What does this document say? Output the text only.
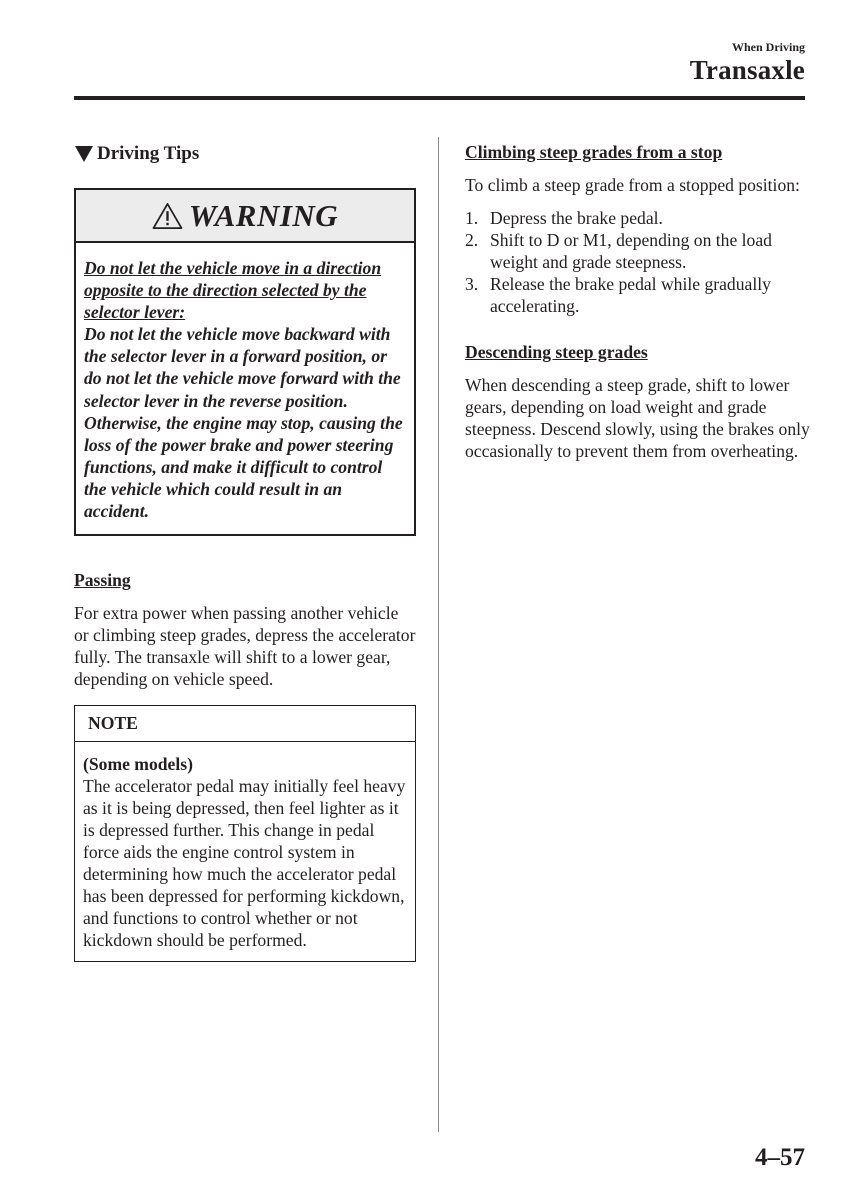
When Driving
Transaxle
Driving Tips
WARNING
Do not let the vehicle move in a direction opposite to the direction selected by the selector lever:
Do not let the vehicle move backward with the selector lever in a forward position, or do not let the vehicle move forward with the selector lever in the reverse position. Otherwise, the engine may stop, causing the loss of the power brake and power steering functions, and make it difficult to control the vehicle which could result in an accident.
Passing
For extra power when passing another vehicle or climbing steep grades, depress the accelerator fully. The transaxle will shift to a lower gear, depending on vehicle speed.
NOTE
(Some models)
The accelerator pedal may initially feel heavy as it is being depressed, then feel lighter as it is depressed further. This change in pedal force aids the engine control system in determining how much the accelerator pedal has been depressed for performing kickdown, and functions to control whether or not kickdown should be performed.
Climbing steep grades from a stop
To climb a steep grade from a stopped position:
1. Depress the brake pedal.
2. Shift to D or M1, depending on the load weight and grade steepness.
3. Release the brake pedal while gradually accelerating.
Descending steep grades
When descending a steep grade, shift to lower gears, depending on load weight and grade steepness. Descend slowly, using the brakes only occasionally to prevent them from overheating.
4–57
